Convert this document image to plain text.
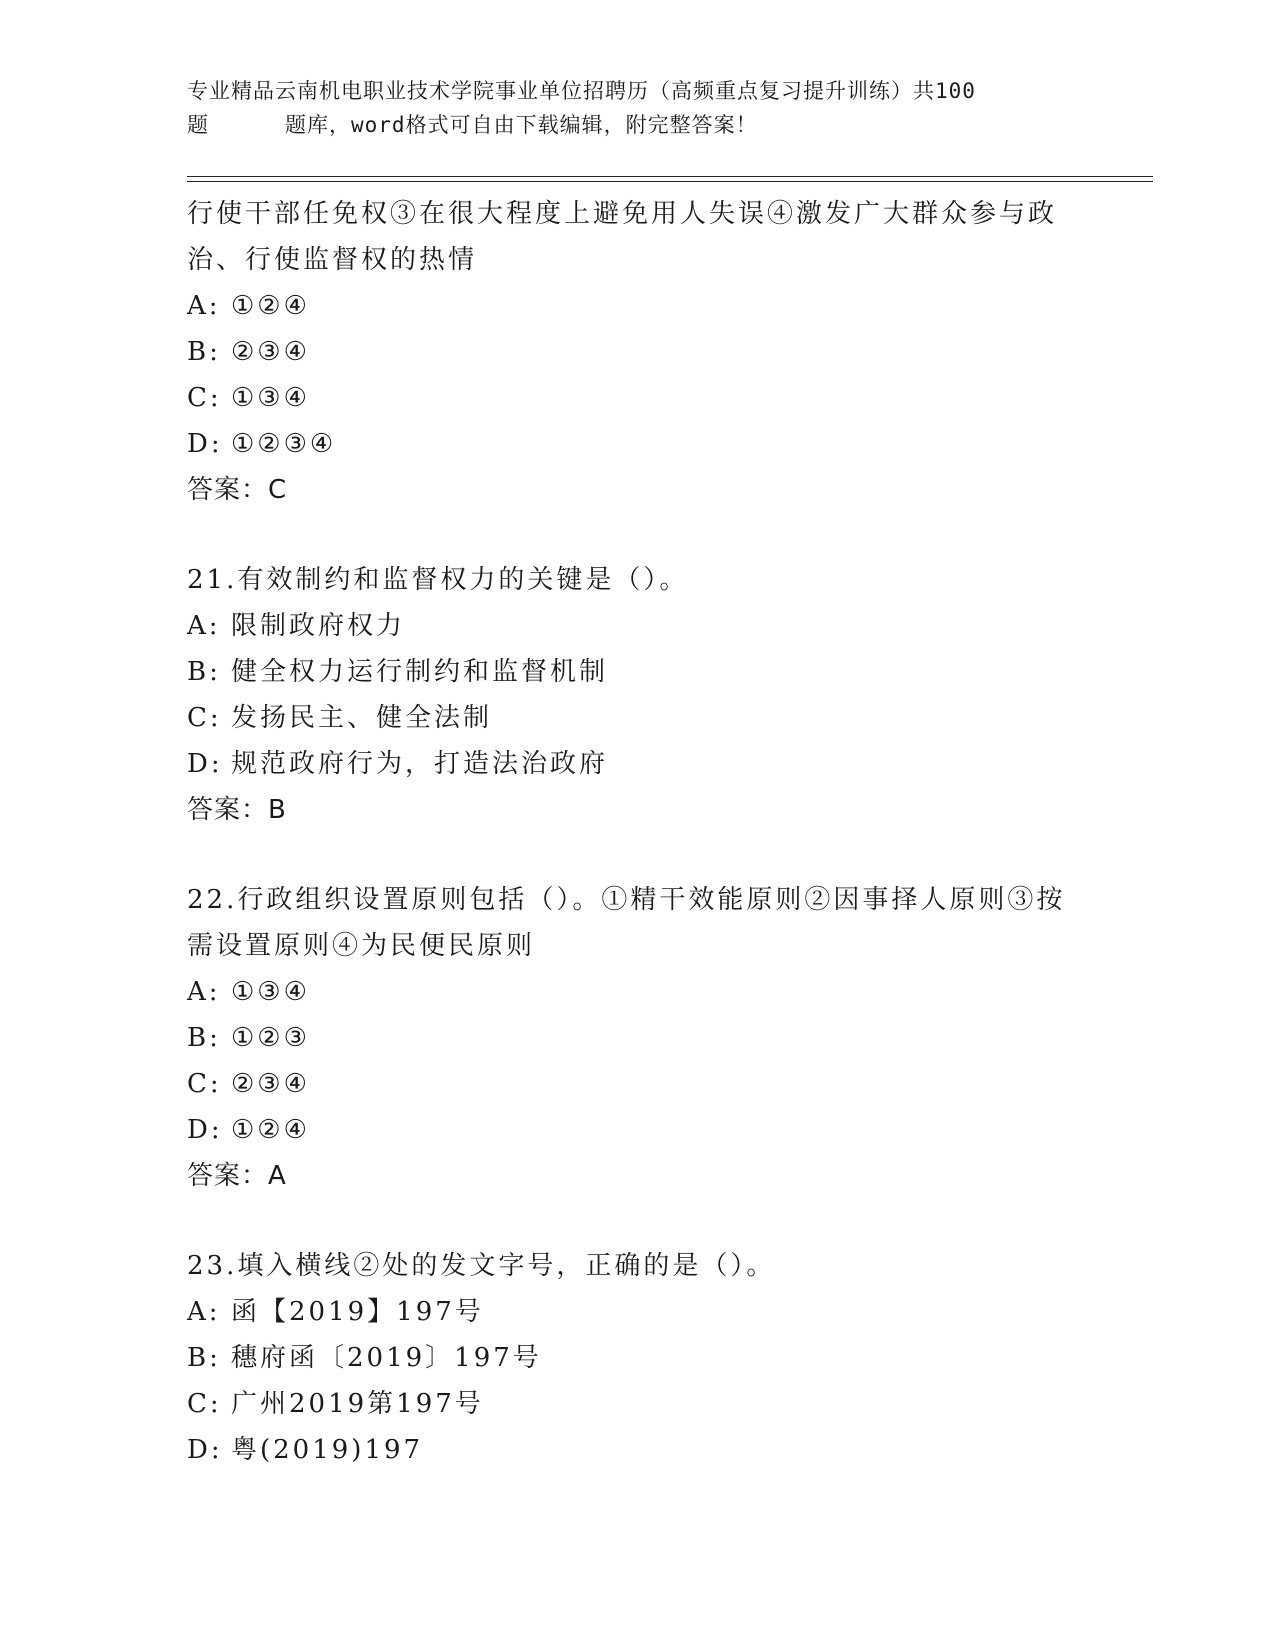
专业精品云南机电职业技术学院事业单位招聘历（高频重点复习提升训练）共100
题	题库，word格式可自由下载编辑，附完整答案！
行使干部任免权③在很大程度上避免用人失误④激发广大群众参与政
治、行使监督权的热情
A: ①②④
B: ②③④
C: ①③④
D: ①②③④
答案：C
21.有效制约和监督权力的关键是（）。
A: 限制政府权力
B: 健全权力运行制约和监督机制
C: 发扬民主、健全法制
D: 规范政府行为，打造法治政府
答案：B
22.行政组织设置原则包括（）。①精干效能原则②因事择人原则③按
需设置原则④为民便民原则
A: ①③④
B: ①②③
C: ②③④
D: ①②④
答案：A
23.填入横线②处的发文字号，正确的是（）。
A: 函【2019】197号
B: 穗府函〔2019〕197号
C: 广州2019第197号
D: 粤(2019)197
